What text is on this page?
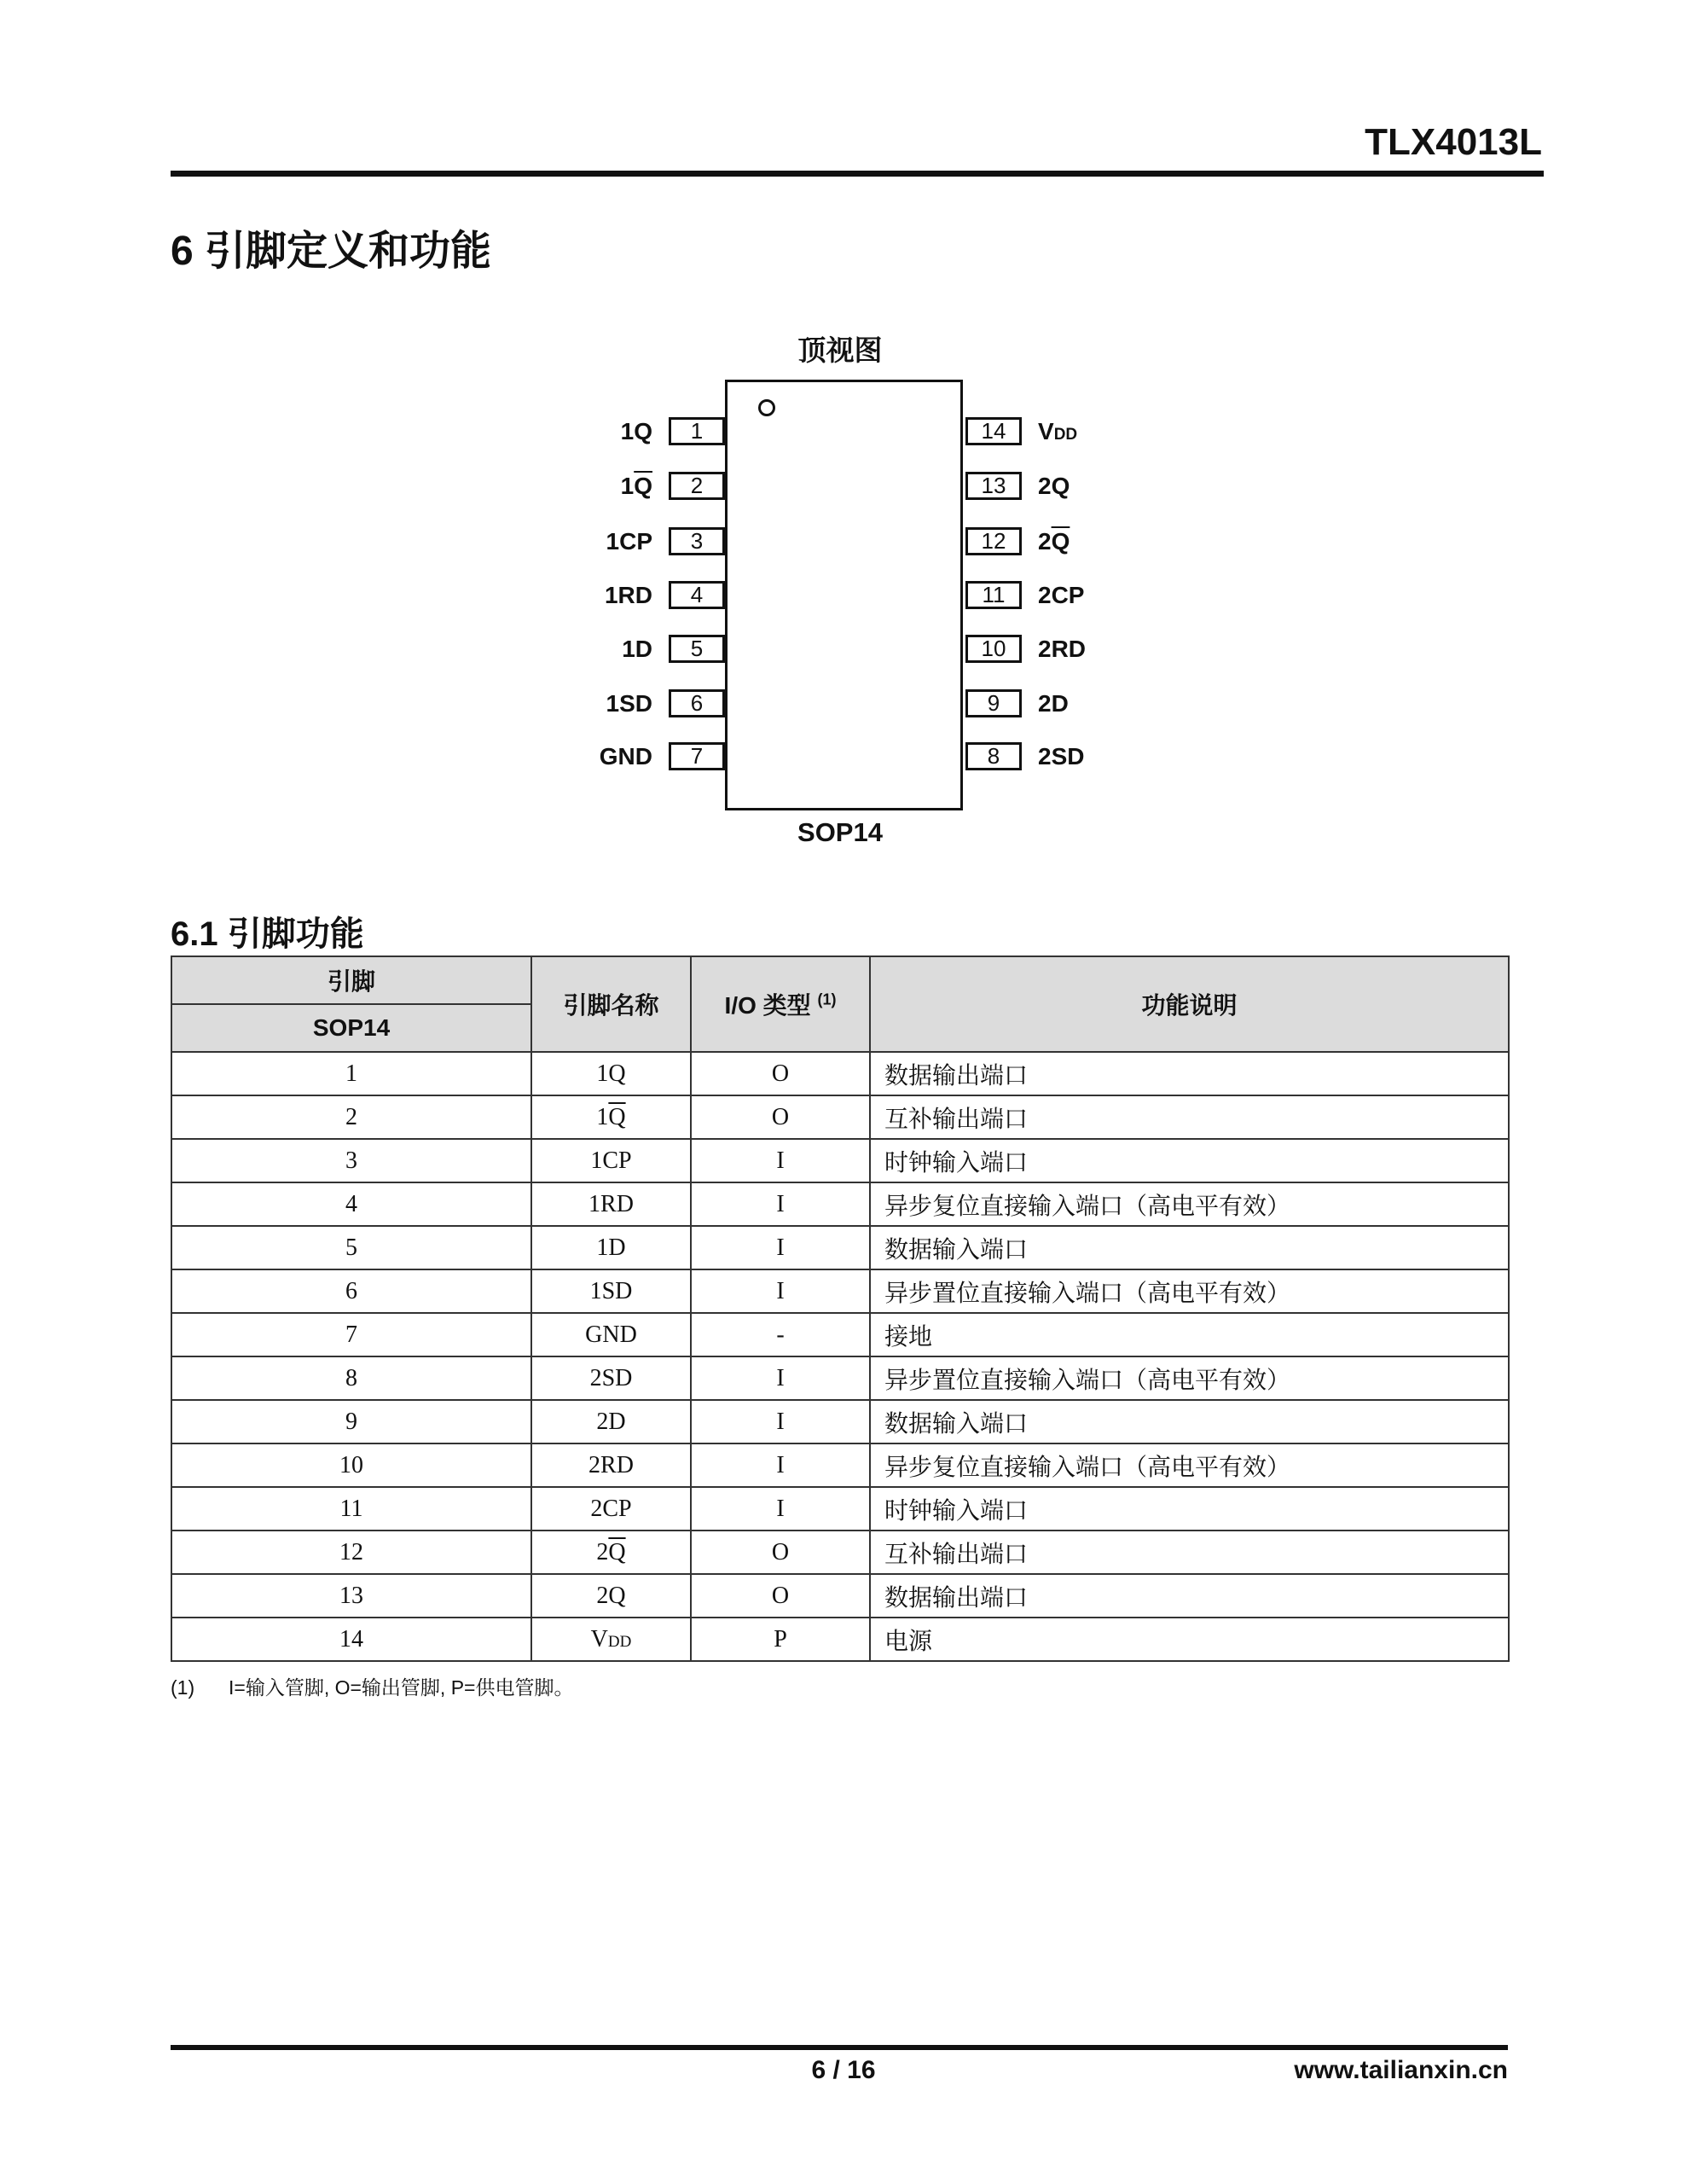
TLX4013L
6 引脚定义和功能
顶视图
SOP14
1
1Q
2
$1\overline{Q}$
3
1CP
4
1RD
5
1D
6
1SD
7
GND
14	VDD
13	2Q
12	$2\overline{Q}$
11	2CP
10	2RD
9	2D
8	2SD
6.1 引脚功能
引脚	引脚名称	I/O 类型 $^{(1)}$	功能说明
SOP14			
1	1Q	O	数据输出端口
2	$1\overline{Q}$	O	互补输出端口
3	1CP	I	时钟输入端口
4	1RD	I	异步复位直接输入端口（高电平有效）
5	1D	I	数据输入端口
6	1SD	I	异步置位直接输入端口（高电平有效）
7	GND	-	接地
8	2SD	I	异步置位直接输入端口（高电平有效）
9	2D	I	数据输入端口
10	2RD	I	异步复位直接输入端口（高电平有效）
11	2CP	I	时钟输入端口
12	$2\overline{Q}$	O	互补输出端口
13	2Q	O	数据输出端口
14	VDD	P	电源
(1) I=输入管脚, O=输出管脚, P=供电管脚。
6 / 16	www.tailianxin.cn
